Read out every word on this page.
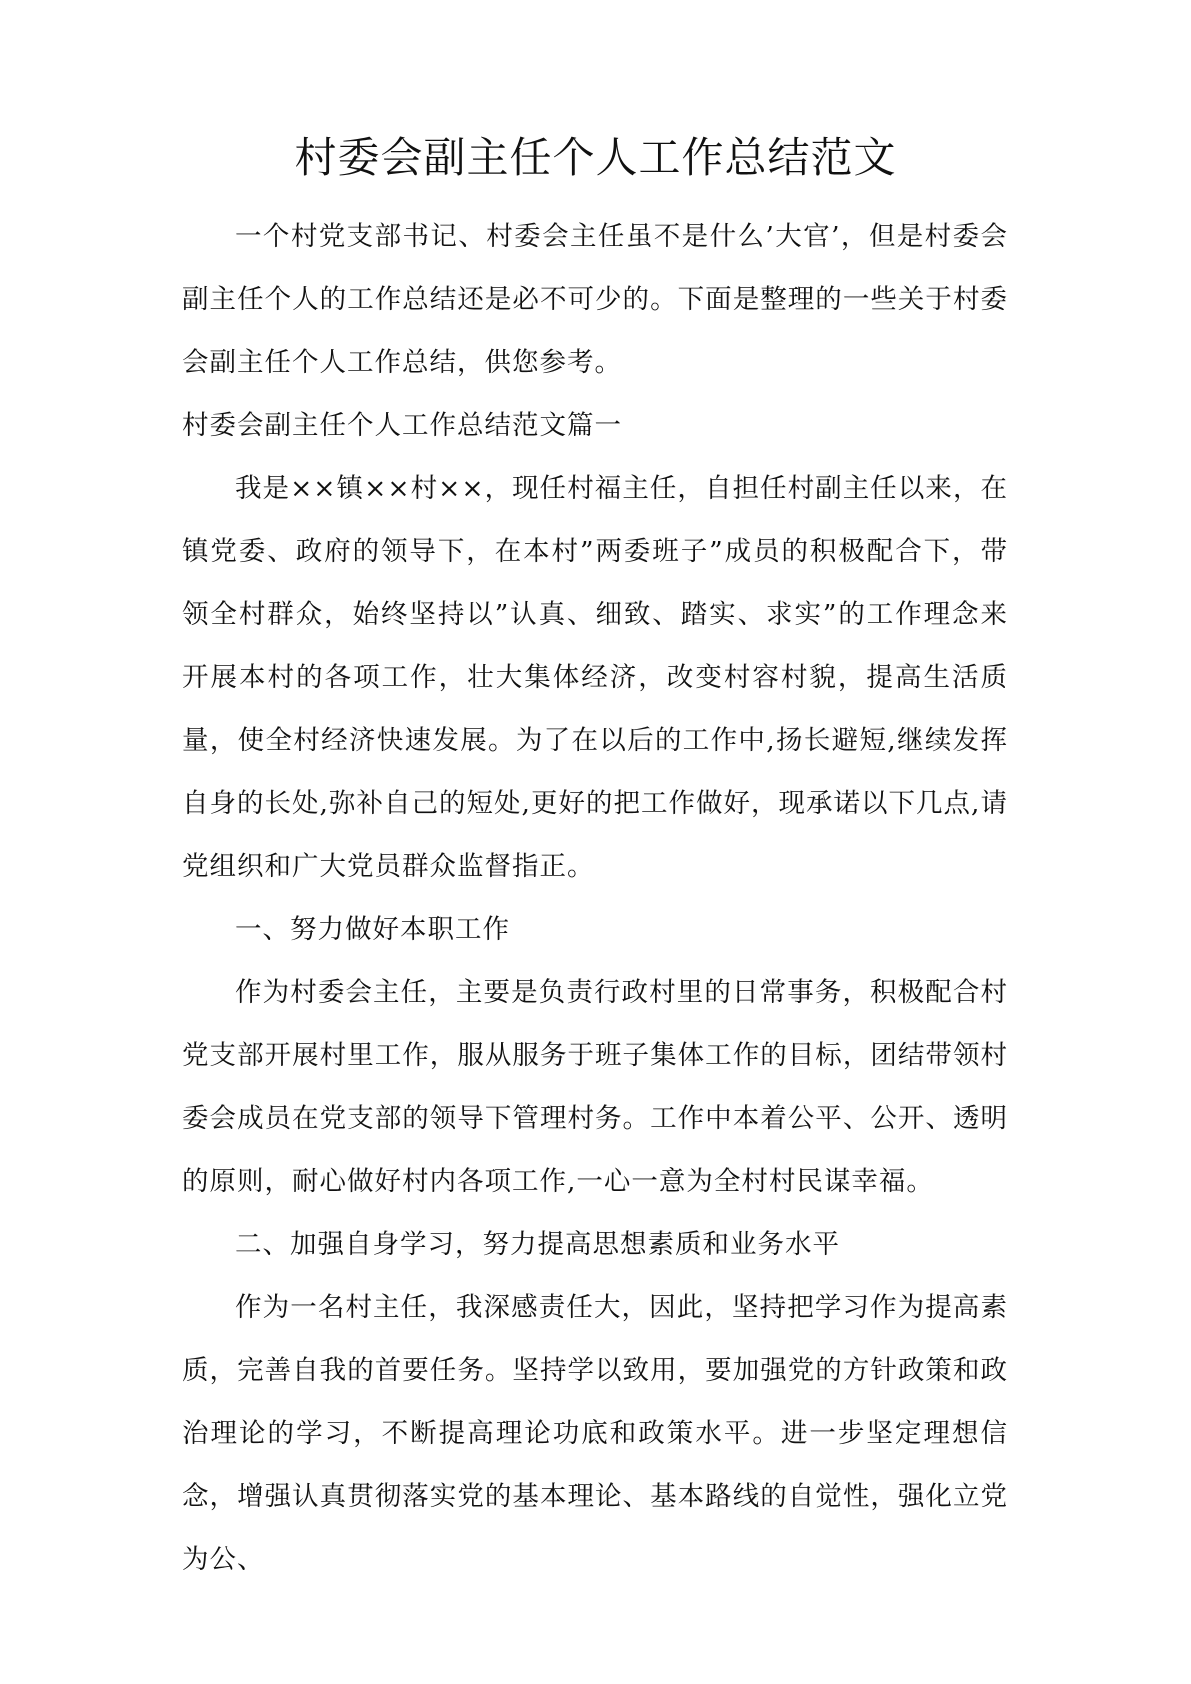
村委会副主任个人工作总结范文

一个村党支部书记、村委会主任虽不是什么’大官’，但是村委会副主任个人的工作总结还是必不可少的。下面是整理的一些关于村委会副主任个人工作总结，供您参考。

村委会副主任个人工作总结范文篇一

我是××镇××村××，现任村福主任，自担任村副主任以来，在镇党委、政府的领导下，在本村”两委班子”成员的积极配合下，带领全村群众，始终坚持以”认真、细致、踏实、求实”的工作理念来开展本村的各项工作，壮大集体经济，改变村容村貌，提高生活质量，使全村经济快速发展。为了在以后的工作中,扬长避短,继续发挥自身的长处,弥补自己的短处,更好的把工作做好，现承诺以下几点,请党组织和广大党员群众监督指正。

一、努力做好本职工作

作为村委会主任，主要是负责行政村里的日常事务，积极配合村党支部开展村里工作，服从服务于班子集体工作的目标，团结带领村委会成员在党支部的领导下管理村务。工作中本着公平、公开、透明的原则，耐心做好村内各项工作,一心一意为全村村民谋幸福。

二、加强自身学习，努力提高思想素质和业务水平

作为一名村主任，我深感责任大，因此，坚持把学习作为提高素质，完善自我的首要任务。坚持学以致用，要加强党的方针政策和政治理论的学习，不断提高理论功底和政策水平。进一步坚定理想信念，增强认真贯彻落实党的基本理论、基本路线的自觉性，强化立党为公、
